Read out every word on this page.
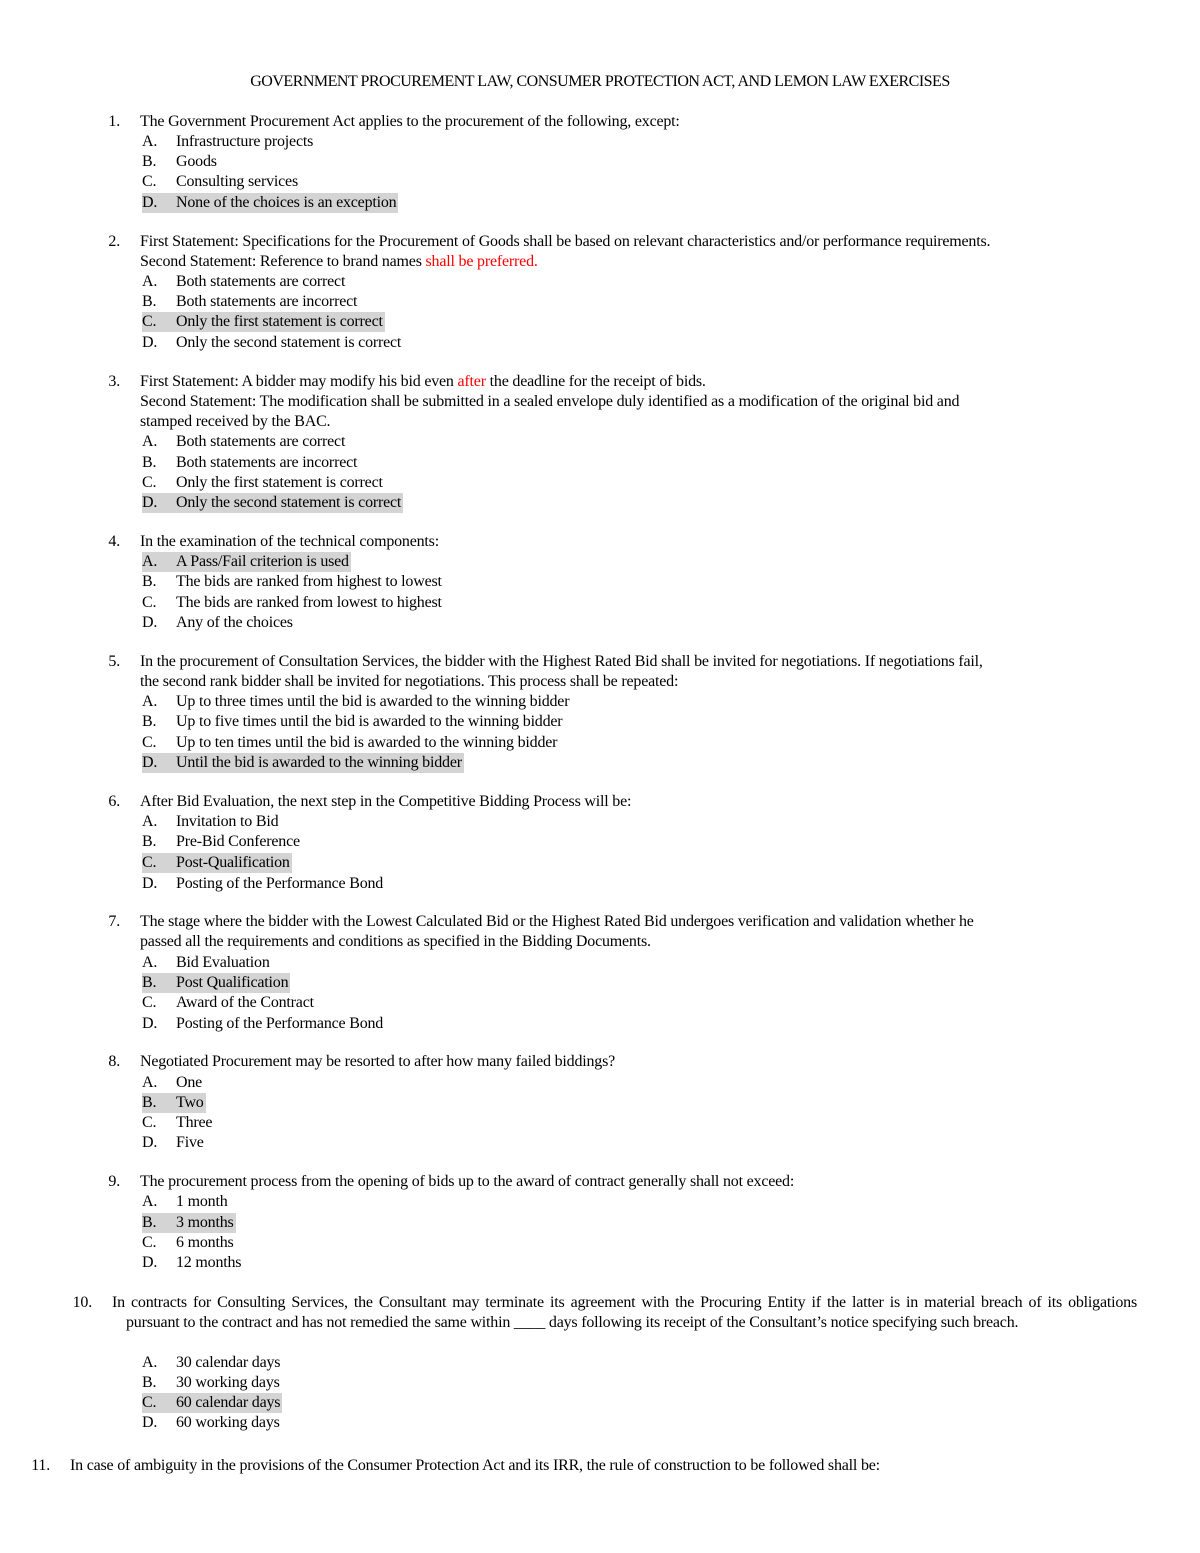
GOVERNMENT PROCUREMENT LAW, CONSUMER PROTECTION ACT, AND LEMON LAW EXERCISES
1. The Government Procurement Act applies to the procurement of the following, except:
A. Infrastructure projects
B. Goods
C. Consulting services
D. None of the choices is an exception
2. First Statement: Specifications for the Procurement of Goods shall be based on relevant characteristics and/or performance requirements.
Second Statement: Reference to brand names shall be preferred.
A. Both statements are correct
B. Both statements are incorrect
C. Only the first statement is correct
D. Only the second statement is correct
3. First Statement: A bidder may modify his bid even after the deadline for the receipt of bids.
Second Statement: The modification shall be submitted in a sealed envelope duly identified as a modification of the original bid and
stamped received by the BAC.
A. Both statements are correct
B. Both statements are incorrect
C. Only the first statement is correct
D. Only the second statement is correct
4. In the examination of the technical components:
A. A Pass/Fail criterion is used
B. The bids are ranked from highest to lowest
C. The bids are ranked from lowest to highest
D. Any of the choices
5. In the procurement of Consultation Services, the bidder with the Highest Rated Bid shall be invited for negotiations. If negotiations fail,
the second rank bidder shall be invited for negotiations. This process shall be repeated:
A. Up to three times until the bid is awarded to the winning bidder
B. Up to five times until the bid is awarded to the winning bidder
C. Up to ten times until the bid is awarded to the winning bidder
D. Until the bid is awarded to the winning bidder
6. After Bid Evaluation, the next step in the Competitive Bidding Process will be:
A. Invitation to Bid
B. Pre-Bid Conference
C. Post-Qualification
D. Posting of the Performance Bond
7. The stage where the bidder with the Lowest Calculated Bid or the Highest Rated Bid undergoes verification and validation whether he
passed all the requirements and conditions as specified in the Bidding Documents.
A. Bid Evaluation
B. Post Qualification
C. Award of the Contract
D. Posting of the Performance Bond
8. Negotiated Procurement may be resorted to after how many failed biddings?
A. One
B. Two
C. Three
D. Five
9. The procurement process from the opening of bids up to the award of contract generally shall not exceed:
A. 1 month
B. 3 months
C. 6 months
D. 12 months
10. In contracts for Consulting Services, the Consultant may terminate its agreement with the Procuring Entity if the latter is in material breach of its obligations pursuant to the contract and has not remedied the same within ____ days following its receipt of the Consultant’s notice specifying such breach.
A. 30 calendar days
B. 30 working days
C. 60 calendar days
D. 60 working days
11. In case of ambiguity in the provisions of the Consumer Protection Act and its IRR, the rule of construction to be followed shall be:
